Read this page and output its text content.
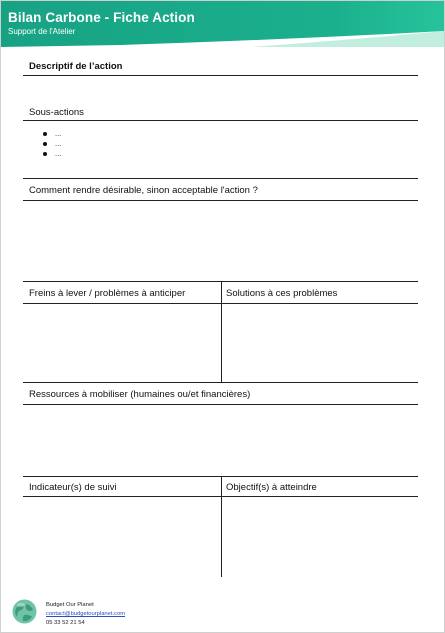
Bilan Carbone - Fiche Action
Support de l'Atelier
Descriptif de l’action
Sous-actions
...
...
...
Comment rendre désirable, sinon acceptable l'action ?
Freins à lever / problèmes à anticiper	Solutions à ces problèmes
Ressources à mobiliser (humaines ou/et financières)
Indicateur(s) de suivi	Objectif(s) à atteindre
Budget Our Planet
contact@budgetourplanet.com
05 33 52 21 54
